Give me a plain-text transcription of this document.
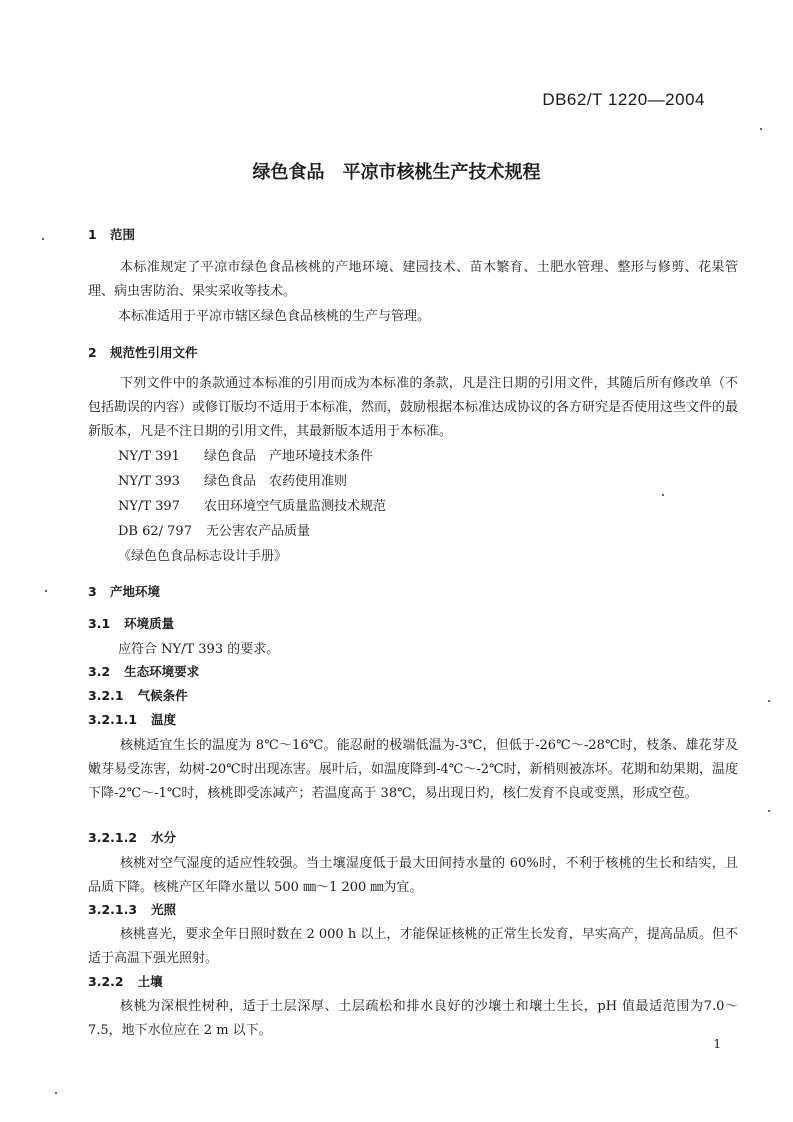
DB62/T 1220—2004
绿色食品　平凉市核桃生产技术规程
1 范围
本标准规定了平凉市绿色食品核桃的产地环境、建园技术、苗木繁育、土肥水管理、整形与修剪、花果管理、病虫害防治、果实采收等技术。
本标准适用于平凉市辖区绿色食品核桃的生产与管理。
2 规范性引用文件
下列文件中的条款通过本标准的引用而成为本标准的条款，凡是注日期的引用文件，其随后所有修改单（不包括勘误的内容）或修订版均不适用于本标准，然而，鼓励根据本标准达成协议的各方研究是否使用这些文件的最新版本，凡是不注日期的引用文件，其最新版本适用于本标准。
NY/T 391 绿色食品　产地环境技术条件
NY/T 393 绿色食品　农药使用准则
NY/T 397 农田环境空气质量监测技术规范
DB 62/ 797 无公害农产品质量
《绿色色食品标志设计手册》
3 产地环境
3.1 环境质量
应符合 NY/T 393 的要求。
3.2 生态环境要求
3.2.1 气候条件
3.2.1.1 温度
核桃适宜生长的温度为 8℃～16℃。能忍耐的极端低温为-3℃，但低于-26℃～-28℃时，枝条、雄花芽及嫩芽易受冻害，幼树-20℃时出现冻害。展叶后，如温度降到-4℃～-2℃时，新梢则被冻坏。花期和幼果期，温度下降-2℃～-1℃时，核桃即受冻减产；若温度高于 38℃，易出现日灼，核仁发育不良或变黑，形成空苞。
3.2.1.2 水分
核桃对空气湿度的适应性较强。当土壤湿度低于最大田间持水量的 60%时，不利于核桃的生长和结实，且品质下降。核桃产区年降水量以 500 ㎜～1 200 ㎜为宜。
3.2.1.3 光照
核桃喜光，要求全年日照时数在 2 000 h 以上，才能保证核桃的正常生长发育，早实高产，提高品质。但不适于高温下强光照射。
3.2.2 土壤
核桃为深根性树种，适于土层深厚、土层疏松和排水良好的沙壤土和壤土生长，pH 值最适范围为7.0～7.5，地下水位应在 2 m 以下。
1
